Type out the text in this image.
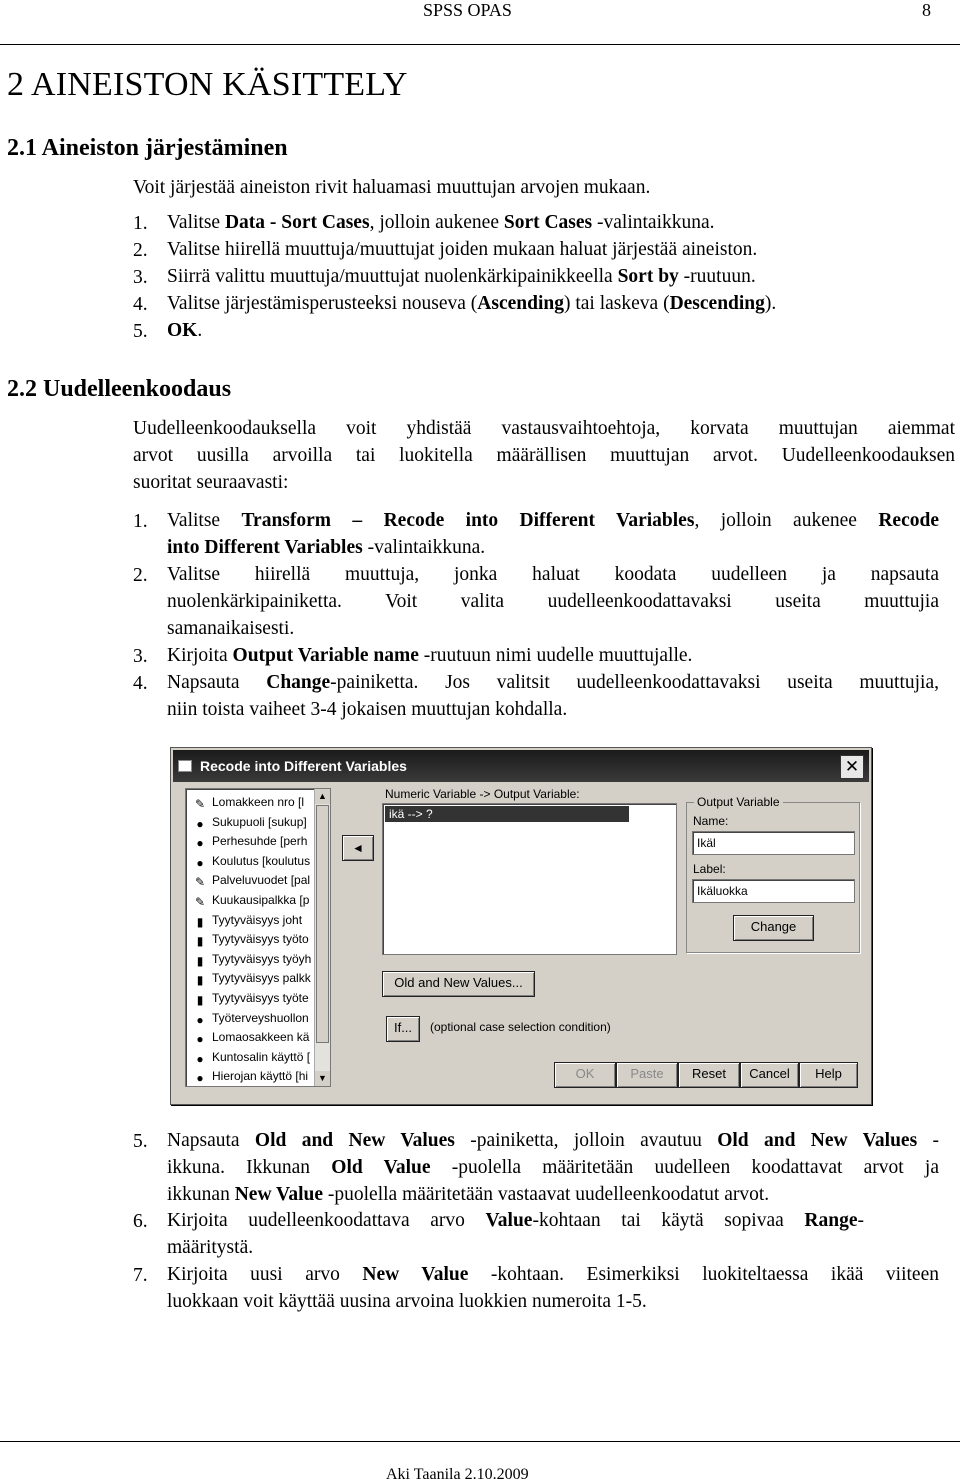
SPSS OPAS	8
2 AINEISTON KÄSITTELY
2.1 Aineiston järjestäminen

Voit järjestää aineiston rivit haluamasi muuttujan arvojen mukaan.

1. Valitse Data - Sort Cases, jolloin aukenee Sort Cases -valintaikkuna.
2. Valitse hiirellä muuttuja/muuttujat joiden mukaan haluat järjestää aineiston.
3. Siirrä valittu muuttuja/muuttujat nuolenkärkipainikkeella Sort by -ruutuun.
4. Valitse järjestämisperusteeksi nouseva (Ascending) tai laskeva (Descending).
5. OK.
2.2 Uudelleenkoodaus

Uudelleenkoodauksella voit yhdistää vastausvaihtoehtoja, korvata muuttujan aiemmat

arvot uusilla arvoilla tai luokitella määrällisen muuttujan arvot. Uudelleenkoodauksen

suoritat seuraavasti:

1. Valitse Transform – Recode into Different Variables, jolloin aukenee Recode
into Different Variables -valintaikkuna.
2. Valitse hiirellä muuttuja, jonka haluat koodata uudelleen ja napsauta
nuolenkärkipainiketta. Voit valita uudelleenkoodattavaksi useita muuttujia
samanaikaisesti.
3. Kirjoita Output Variable name -ruutuun nimi uudelle muuttujalle.
4. Napsauta Change-painiketta. Jos valitsit uudelleenkoodattavaksi useita muuttujia,
niin toista vaiheet 3-4 jokaisen muuttujan kohdalla.
5. Napsauta Old and New Values -painiketta, jolloin avautuu Old and New Values -
ikkuna. Ikkunan Old Value -puolella määritetään uudelleen koodattavat arvot ja
ikkunan New Value -puolella määritetään vastaavat uudelleenkoodatut arvot.
6. Kirjoita uudelleenkoodattava arvo Value-kohtaan tai käytä sopivaa Range-
määritystä.
7. Kirjoita uusi arvo New Value -kohtaan. Esimerkiksi luokiteltaessa ikää viiteen
luokkaan voit käyttää uusina arvoina luokkien numeroita 1-5.
Recode into Different Variables	✕
✎ Lomakkeen nro [l
● Sukupuoli [sukup]
● Perhesuhde [perh
● Koulutus [koulutus
✎ Palveluvuodet [pal
✎ Kuukausipalkka [p
▮ Tyytyväisyys joht
▮ Tyytyväisyys työto
▮ Tyytyväisyys työyh
▮ Tyytyväisyys palkk
▮ Tyytyväisyys työte
● Työterveyshuollon
● Lomaosakkeen kä
● Kuntosalin käyttö [
● Hierojan käyttö [hi
▲
▼
◄
Numeric Variable -> Output Variable:
ikä --> ?
Output Variable
Name:
Ikäl
Label:
Ikäluokka
Change
Old and New Values...
If...	(optional case selection condition)
OK	Paste	Reset	Cancel	Help
Aki Taanila 2.10.2009
